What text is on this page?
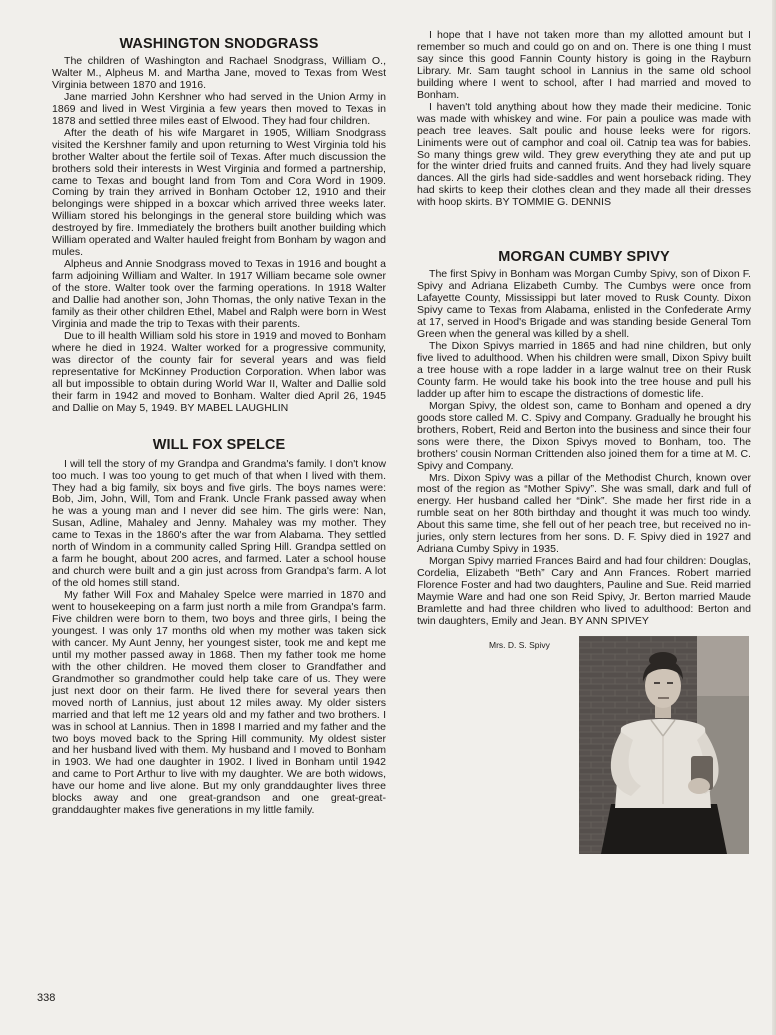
WASHINGTON SNODGRASS

The children of Washington and Rachael Snodgrass, William O., Walter M., Alpheus M. and Martha Jane, moved to Texas from West Virginia between 1870 and 1916.

Jane married John Kershner who had served in the Union Army in 1869 and lived in West Virginia a few years then moved to Texas in 1878 and settled three miles east of Elwood. They had four children.

After the death of his wife Margaret in 1905, William Snodgrass visited the Kershner family and upon returning to West Virginia told his brother Walter about the fertile soil of Texas. After much discussion the brothers sold their interests in West Virginia and formed a partnership, came to Texas and bought land from Tom and Cora Word in 1909. Coming by train they arrived in Bonham October 12, 1910 and their belongings were shipped in a boxcar which arrived three weeks later. William stored his belongings in the general store building which was destroyed by fire. Immediately the brothers built another building which William operated and Walter hauled freight from Bonham by wagon and mules.

Alpheus and Annie Snodgrass moved to Texas in 1916 and bought a farm adjoining William and Walter. In 1917 William became sole owner of the store. Walter took over the farming operations. In 1918 Walter and Dallie had another son, John Thomas, the only native Texan in the family as their other children Ethel, Mabel and Ralph were born in West Virginia and made the trip to Texas with their parents.

Due to ill health William sold his store in 1919 and moved to Bonham where he died in 1924. Walter worked for a progressive community, was director of the county fair for several years and was field representative for McKinney Production Corporation. When labor was all but impossible to obtain during World War II, Walter and Dallie sold their farm in 1942 and moved to Bonham. Walter died April 26, 1945 and Dallie on May 5, 1949. BY MABEL LAUGHLIN

WILL FOX SPELCE

I will tell the story of my Grandpa and Grandma's family. I don't know too much. I was too young to get much of that when I lived with them. They had a big family, six boys and five girls. The boys names were: Bob, Jim, John, Will, Tom and Frank. Uncle Frank passed away when he was a young man and I never did see him. The girls were: Nan, Susan, Adline, Mahaley and Jenny. Mahaley was my mother. They came to Texas in the 1860's after the war from Alabama. They settled north of Windom in a community called Spring Hill. Grandpa settled on a farm he bought, about 200 acres, and farmed. Later a school house and church were built and a gin just across from Grandpa's farm. A lot of the old homes still stand.

My father Will Fox and Mahaley Spelce were married in 1870 and went to housekeeping on a farm just north a mile from Grandpa's farm. Five children were born to them, two boys and three girls, I being the youngest. I was only 17 months old when my mother was taken sick with cancer. My Aunt Jenny, her youngest sister, took me and kept me until my mother passed away in 1868. Then my father took me home with the other children. He moved them closer to Grandfather and Grandmother so grandmother could help take care of us. They were just next door on their farm. He lived there for several years then moved north of Lannius, just about 12 miles away. My older sisters married and that left me 12 years old and my father and two brothers. I was in school at Lannius. Then in 1898 I married and my father and the two boys moved back to the Spring Hill community. My oldest sister and her husband lived with them. My husband and I moved to Bonham in 1903. We had one daughter in 1902. I lived in Bonham until 1942 and came to Port Arthur to live with my daughter. We are both widows, have our home and live alone. But my only granddaughter lives three blocks away and one great-grandson and one great-great-granddaughter makes five generations in my little family.

I hope that I have not taken more than my allotted amount but I remember so much and could go on and on. There is one thing I must say since this good Fannin County history is going in the Rayburn Library. Mr. Sam taught school in Lannius in the same old school building where I went to school, after I had married and moved to Bonham.

I haven't told anything about how they made their medicine. Tonic was made with whiskey and wine. For pain a poulice was made with peach tree leaves. Salt poulic and house leeks were for rigors. Liniments were out of camphor and coal oil. Catnip tea was for babies. So many things grew wild. They grew everything they ate and put up for the winter dried fruits and canned fruits. And they had lively square dances. All the girls had side-saddles and went horseback riding. They had skirts to keep their clothes clean and they made all their dresses with hoop skirts. BY TOMMIE G. DENNIS

MORGAN CUMBY SPIVY

The first Spivy in Bonham was Morgan Cumby Spivy, son of Dixon F. Spivy and Adriana Elizabeth Cumby. The Cumbys were once from Lafayette County, Mississippi but later moved to Rusk County. Dixon Spivy came to Texas from Alabama, enlisted in the Confederate Army at 17, served in Hood's Brigade and was standing beside General Tom Green when the general was killed by a shell.

The Dixon Spivys married in 1865 and had nine children, but only five lived to adulthood. When his children were small, Dixon Spivy built a tree house with a rope ladder in a large walnut tree on their Rusk County farm. He would take his book into the tree house and pull his ladder up after him to escape the distractions of domestic life.

Morgan Spivy, the oldest son, came to Bonham and opened a dry goods store called M. C. Spivy and Company. Gradually he brought his brothers, Robert, Reid and Berton into the business and since their four sons were there, the Dixon Spivys moved to Bonham, too. The brothers' cousin Norman Crittenden also joined them for a time at M. C. Spivy and Company.

Mrs. Dixon Spivy was a pillar of the Methodist Church, known over most of the region as “Mother Spivy”. She was small, dark and full of energy. Her husband called her “Dink”. She made her first ride in a rumble seat on her 80th birthday and thought it was much too windy. About this same time, she fell out of her peach tree, but received no injuries, only stern lectures from her sons. D. F. Spivy died in 1927 and Adriana Cumby Spivy in 1935.

Morgan Spivy married Frances Baird and had four children: Douglas, Cordelia, Elizabeth “Beth” Cary and Ann Frances. Robert married Florence Foster and had two daughters, Pauline and Sue. Reid married Maymie Ware and had one son Reid Spivy, Jr. Berton married Maude Bramlette and had three children who lived to adulthood: Berton and twin daughters, Emily and Jean. BY ANN SPIVEY

Mrs. D. S. Spivy
338
